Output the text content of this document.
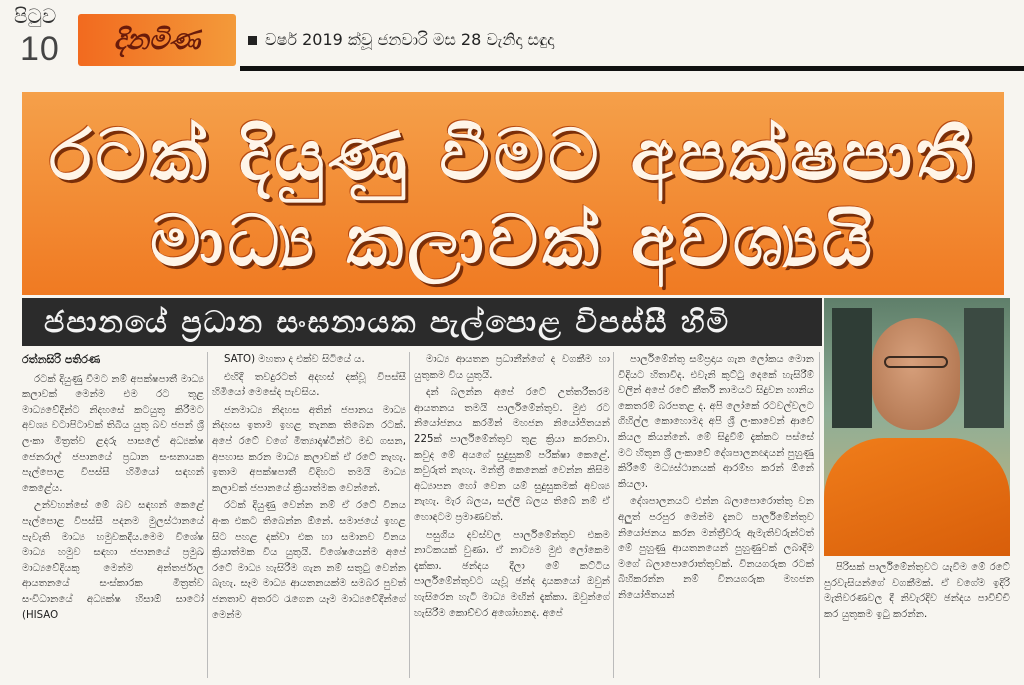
පිටුව
10	දිනමිණ	වර්ෂ 2019 ක්වූ ජනවාරි මස 28 වැනිදා සඳුදා
රටක් දියුණු වීමට අපක්ෂපාතී
මාධ්‍ය කලාවක් අවශ්‍යයි
ජපානයේ ප්‍රධාන සංඝනායක පැල්පොළ විපස්සී හිමි
රත්නසිරි පතිරණ
රටක් දියුණු වීමට නම් අපක්ෂපාතී මාධ්‍ය කලාවක් මෙන්ම එම රට තුළ මාධ්‍යවේදීන්ට නිදහසේ කටයුතු කිරීමට අවශ්‍ය වටාපිටාවක් තිබිය යුතු බව ජපන් ශ්‍රී ලංකා මිත්‍රත්ව ළදරු පාසලේ අධ්‍යක්ෂ ජෙනරාල් ජපානයේ ප්‍රධාන සංඝනායක පැල්පොළ විපස්සී හිමියෝ සඳහන් කෙළේය.
උන්වහන්සේ මේ බව සඳහන් කෙළේ පැල්පොළ විපස්සී පදනම මුලස්ථානයේ පැවැති මාධ්‍ය හමුවකදීය.මෙම විශේෂ මාධ්‍ය හමුව සඳහා ජපානයේ ප්‍රමුඛ මාධ්‍යවේදියකු මෙන්ම අන්තර්ජාල ආයතනයේ සංස්කාරක මිත්‍රත්ව සංවිධානයේ අධ්‍යක්ෂ හිසාඕ සාටෝ (HISAO
SATO) මහතා ද එක්ව සිටියේ ය.
එහිදී තවදුරටත් අදහස් දක්වූ විපස්සී හිමියෝ මෙසේද පැවසිය.
ජනමාධ්‍ය නිදහස අතින් ජපානය මාධ්‍ය නිදහස ඉතාම ඉහළ තැනක තිබෙන රටක්. අපේ රටේ වගේ මිත්‍යාදෘෂ්ටීන්ට මඩ ගසන, අපහාස කරන මාධ්‍ය කලාවක් ඒ රටේ නැහැ. ඉතාම අපක්ෂපාතී විදිහට තමයි මාධ්‍ය කලාවක් ජපානයේ ක්‍රියාත්මක වෙන්නේ.
රටක් දියුණු වෙන්න නම් ඒ රටේ විනය අංක එකට තිබෙන්න ඕනේ. සමාජයේ ඉහළ සිට පහළ දක්වා එක හා සමානව විනය ක්‍රියාත්මක විය යුතුයි. විශේෂයෙන්ම අපේ රටේ මාධ්‍ය හැසිරීම ගැන නම් සතුටු වෙන්න බැහැ. සෑම මාධ්‍ය ආයතනයක්ම සමබර පුවත් ජනතාව අතරට රැගෙන යෑම මාධ්‍යවේදීන්ගේ මෙන්ම
මාධ්‍ය ආයතන ප්‍රධානීන්ගේ ද වගකීම හා යුතුකම විය යුතුයි.
දන් බලන්න අපේ රටේ උත්තරීතරම ආයතනය තමයි පාර්ලිමේන්තුව. මුළු රට නියෝජනය කරමින් මහජන නියෝජිතයන් 225ක් පාර්ලිමේන්තුව තුළ ක්‍රියා කරනවා. කවුද මේ අයගේ සුදුසුකම් පරීක්ෂා කෙළේ. කවුරුත් නැහැ. මන්ත්‍රී කෙනෙක් වෙන්න කිසිම අධ්‍යාපන හෝ වෙන යම් සුදුසුකමක් අවශ්‍ය නැහැ. මැර බලය, සල්ලි බලය තිබේ නම් ඒ හොඳටම ප්‍රමාණවත්.
පසුගිය දවස්වල පාර්ලිමේන්තුව එකම නාටකයක් වුණා. ඒ නාට්‍යම මුළු ලෝකෙම දැක්කා. ඡන්දය දීලා මේ කට්ටිය පාර්ලිමේන්තුවට යැවූ ඡන්ද දායකයෝ ඔවුන් හැසිරෙන හැටි මාධ්‍ය මඟින් දැක්කා. ඔවුන්ගේ හැසිරීම කොච්චර අශෝභනද. අපේ
පාර්ලිමේන්තු සම්ප්‍රදාය ගැන ලෝකය මොන විදියට හිතාවිද. එවැනි කුට්ටු දෙකේ හැසිරීම් වලින් අපේ රටේ කීර්ති නාමයට සිදුවන හානිය කෙතරම් බරපතළ ද. අපි ලෝකේ රටවල්වලට ගිහිල්ල කොහොමද අපි ශ්‍රී ලංකාවෙන් ආවේ කියල කියන්නේ. මේ සිදුවීම් දැක්කට පස්සේ මට හිතුන ශ්‍රී ලංකාවේ දේශපාලනඥයන් පුහුණු කිරීමේ මධ්‍යස්ථානයක් ආරම්භ කරන් ඕනේ කියලා.
දේශපාලනයට එන්න බලාපොරොත්තු වන අලුත් පරපුර මෙන්ම දැනට පාර්ලිමේන්තුව නියෝජනය කරන මන්ත්‍රීවරු ඇමැතිවරුන්ටත් මේ පුහුණු ආයතනයෙන් පුහුණුවක් ලබාදීම මගේ බලාපොරොත්තුවක්. විනයගරුක රටක් බිහිකරන්න නම් විනයගරුක මහජන නියෝජිතයන්
පිරිසක් පාර්ලිමේන්තුවට යැවීම මේ රටේ පුරවැසියන්ගේ වගකීමක්. ඒ වගේම ඉදිරි මැතිවරණවල දී නිවැරදිව ඡන්දය පාවිච්චි කර යුතුකම ඉටු කරන්න.
